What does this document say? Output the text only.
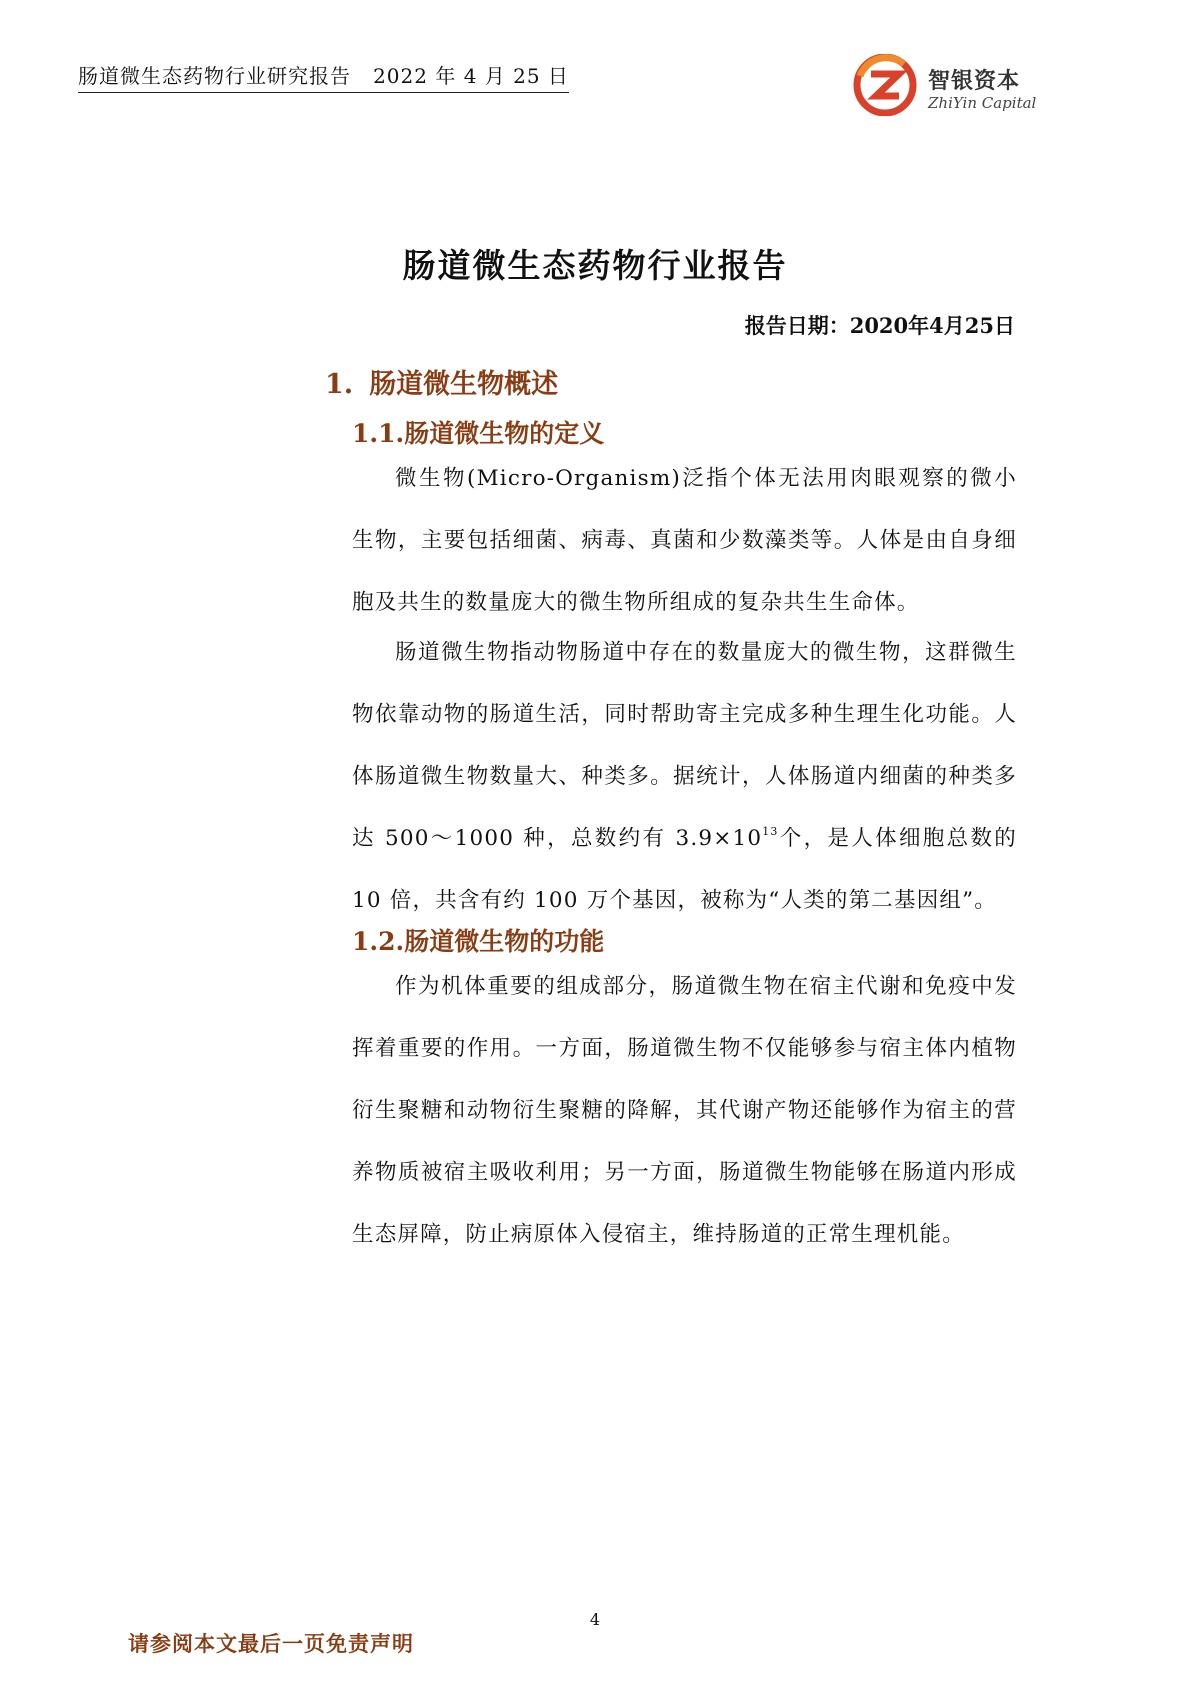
肠道微生态药物行业研究报告 2022 年 4 月 25 日	智银资本
ZhiYin Capital
肠道微生态药物行业报告
报告日期：2020年4月25日
1. 肠道微生物概述
1.1.肠道微生物的定义

微生物(Micro-Organism)泛指个体无法用肉眼观察的微小生物，主要包括细菌、病毒、真菌和少数藻类等。人体是由自身细胞及共生的数量庞大的微生物所组成的复杂共生生命体。

肠道微生物指动物肠道中存在的数量庞大的微生物，这群微生物依靠动物的肠道生活，同时帮助寄主完成多种生理生化功能。人体肠道微生物数量大、种类多。据统计，人体肠道内细菌的种类多达 500～1000 种，总数约有 $3.9\times 10^{13}$个，是人体细胞总数的 10 倍，共含有约 100 万个基因，被称为“人类的第二基因组”。

1.2.肠道微生物的功能

作为机体重要的组成部分，肠道微生物在宿主代谢和免疫中发挥着重要的作用。一方面，肠道微生物不仅能够参与宿主体内植物衍生聚糖和动物衍生聚糖的降解，其代谢产物还能够作为宿主的营养物质被宿主吸收利用；另一方面，肠道微生物能够在肠道内形成生态屏障，防止病原体入侵宿主，维持肠道的正常生理机能。

4
请参阅本文最后一页免责声明
